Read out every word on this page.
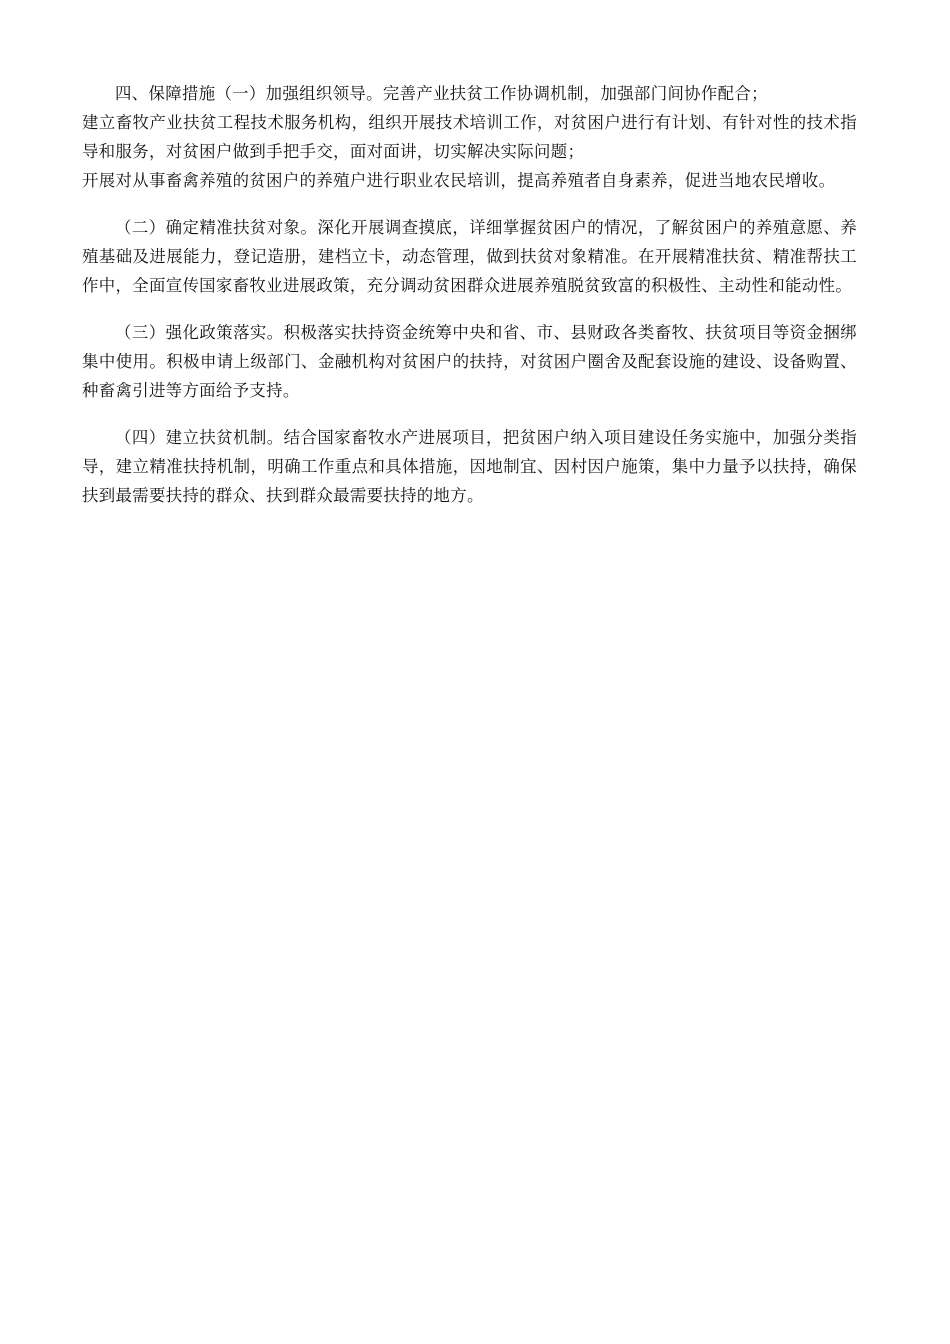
四、保障措施（一）加强组织领导。完善产业扶贫工作协调机制，加强部门间协作配合；

建立畜牧产业扶贫工程技术服务机构，组织开展技术培训工作，对贫困户进行有计划、有针对性的技术指导和服务，对贫困户做到手把手交，面对面讲，切实解决实际问题；

开展对从事畜禽养殖的贫困户的养殖户进行职业农民培训，提高养殖者自身素养，促进当地农民增收。

（二）确定精准扶贫对象。深化开展调查摸底，详细掌握贫困户的情况，了解贫困户的养殖意愿、养殖基础及进展能力，登记造册，建档立卡，动态管理，做到扶贫对象精准。在开展精准扶贫、精准帮扶工作中，全面宣传国家畜牧业进展政策，充分调动贫困群众进展养殖脱贫致富的积极性、主动性和能动性。

（三）强化政策落实。积极落实扶持资金统筹中央和省、市、县财政各类畜牧、扶贫项目等资金捆绑集中使用。积极申请上级部门、金融机构对贫困户的扶持，对贫困户圈舍及配套设施的建设、设备购置、种畜禽引进等方面给予支持。

（四）建立扶贫机制。结合国家畜牧水产进展项目，把贫困户纳入项目建设任务实施中，加强分类指导，建立精准扶持机制，明确工作重点和具体措施，因地制宜、因村因户施策，集中力量予以扶持，确保扶到最需要扶持的群众、扶到群众最需要扶持的地方。
